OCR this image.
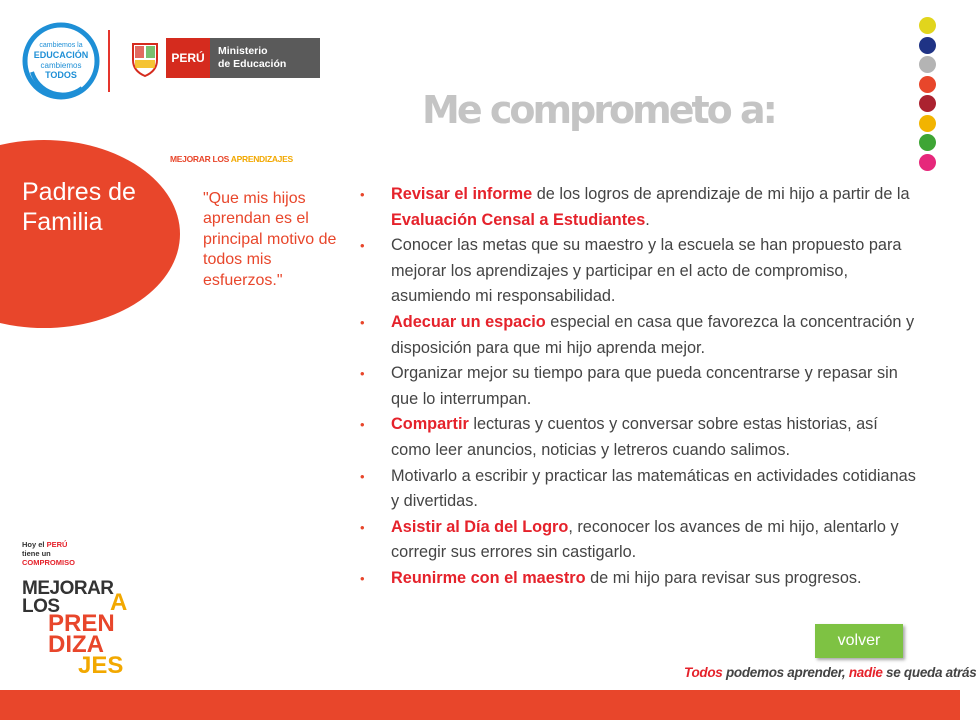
cambiemos la
EDUCACIÓN
cambiemos
TODOS
PERÚ
Ministerio
de Educación
Me comprometo a:
Padres de
Familia
MEJORAR LOS APRENDIZAJES
"Que mis hijos aprendan es el principal motivo de todos mis esfuerzos."
• Revisar el informe de los logros de aprendizaje de mi hijo a partir de la Evaluación Censal a Estudiantes.
• Conocer las metas que su maestro y la escuela se han propuesto para mejorar los aprendizajes y participar en el acto de compromiso, asumiendo mi responsabilidad.
• Adecuar un espacio especial en casa que favorezca la concentración y disposición para que mi hijo aprenda mejor.
• Organizar mejor su tiempo para que pueda concentrarse y repasar sin que lo interrumpan.
• Compartir lecturas y cuentos y conversar sobre estas historias, así como leer anuncios, noticias y letreros cuando salimos.
• Motivarlo a escribir y practicar las matemáticas en actividades cotidianas y divertidas.
• Asistir al Día del Logro, reconocer los avances de mi hijo, alentarlo y corregir sus errores sin castigarlo.
• Reunirme con el maestro de mi hijo para revisar sus progresos.
Hoy el PERÚ
tiene un
COMPROMISO
MEJORAR
LOS	A
PREN
DIZA
JES
volver
Todos podemos aprender, nadie se queda atrás
